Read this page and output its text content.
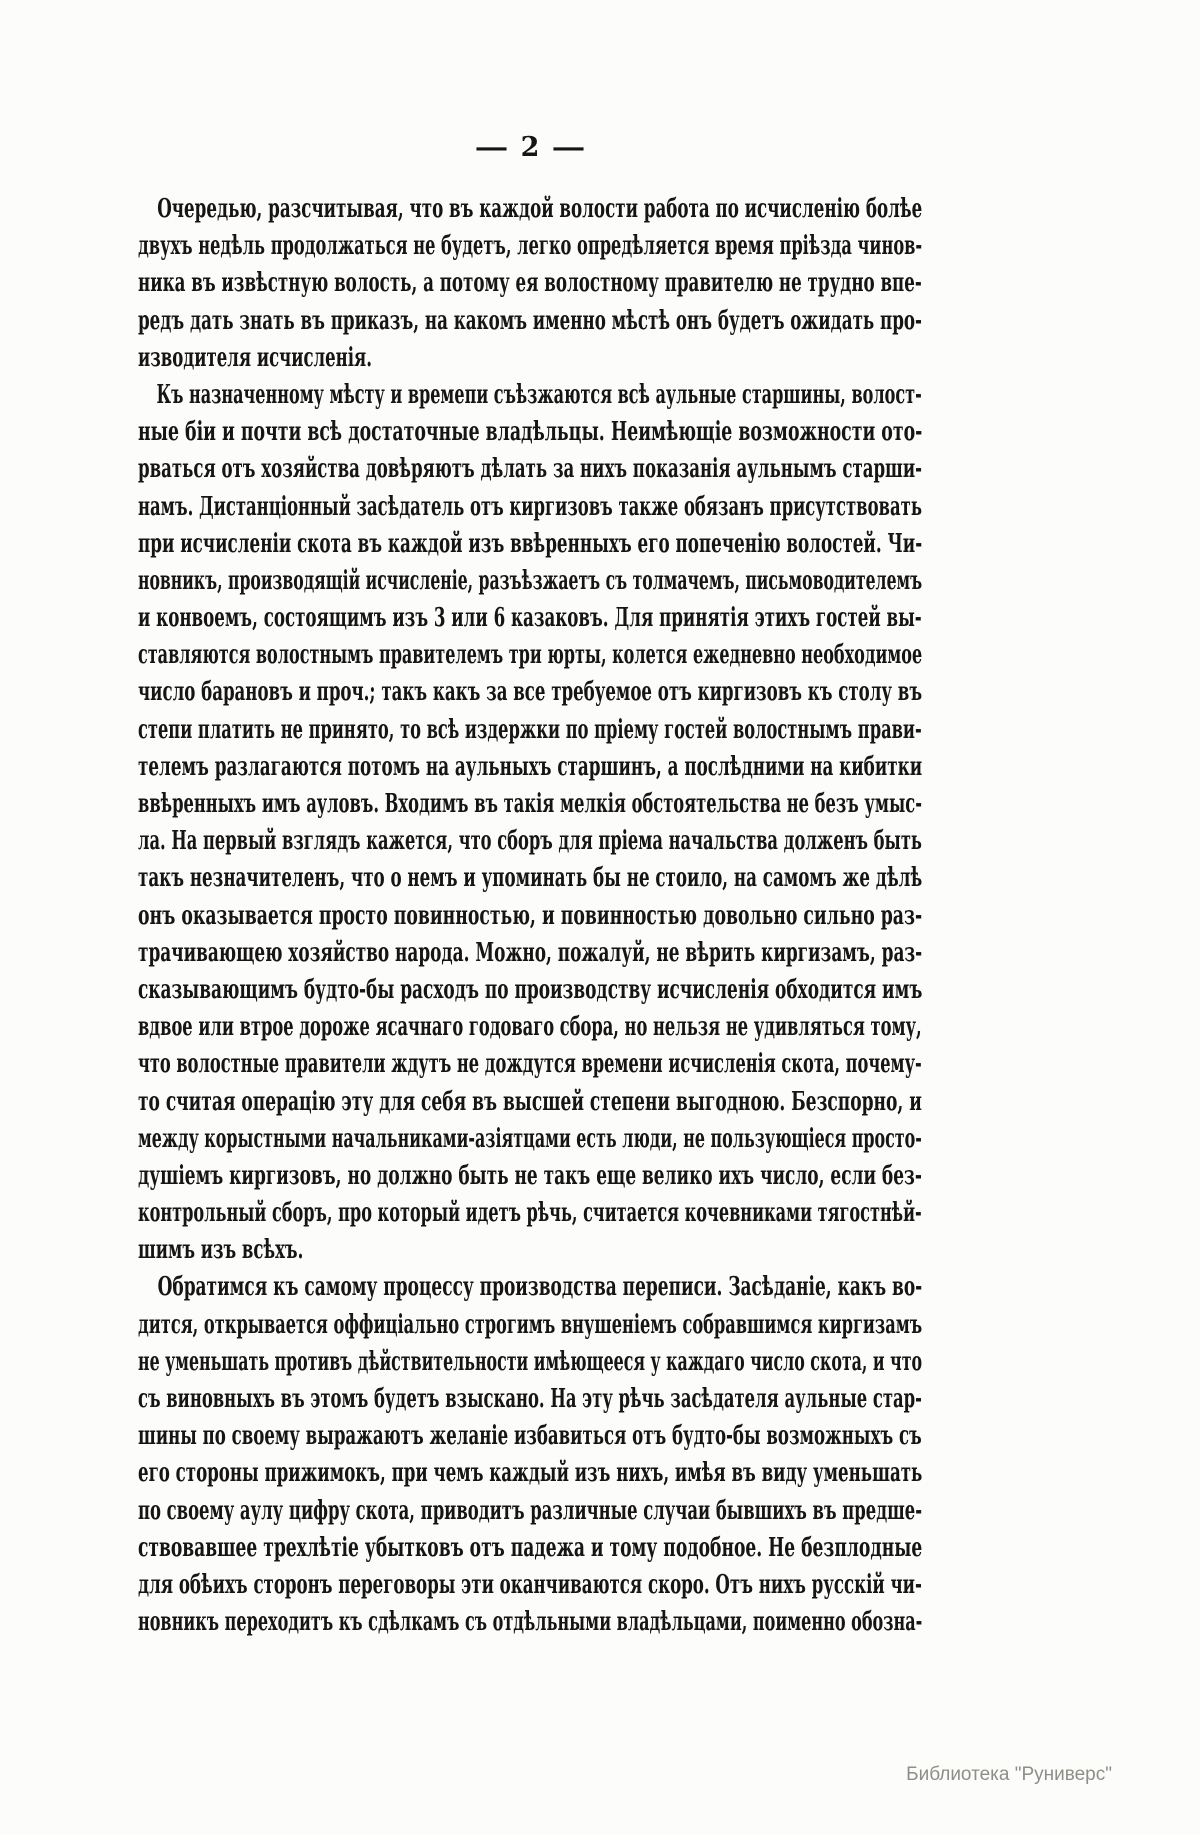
— 2 —
Очередью, разсчитывая, что въ каждой волости работа по исчисленію болѣе
двухъ недѣль продолжаться не будетъ, легко опредѣляется время пріѣзда чинов-
ника въ извѣстную волость, а потому ея волостному правителю не трудно впе-
редъ дать знать въ приказъ, на какомъ именно мѣстѣ онъ будетъ ожидать про-
изводителя исчисленія.
Къ назначенному мѣсту и времепи съѣзжаются всѣ аульные старшины, волост-
ные біи и почти всѣ достаточные владѣльцы. Неимѣющіе возможности ото-
рваться отъ хозяйства довѣряютъ дѣлать за нихъ показанія аульнымъ старши-
намъ. Дистанціонный засѣдатель отъ киргизовъ также обязанъ присутствовать
при исчисленіи скота въ каждой изъ ввѣренныхъ его попеченію волостей. Чи-
новникъ, производящій исчисленіе, разъѣзжаетъ съ толмачемъ, письмоводителемъ
и конвоемъ, состоящимъ изъ 3 или 6 казаковъ. Для принятія этихъ гостей вы-
ставляются волостнымъ правителемъ три юрты, колется ежедневно необходимое
число барановъ и проч.; такъ какъ за все требуемое отъ киргизовъ къ столу въ
степи платить не принято, то всѣ издержки по пріему гостей волостнымъ прави-
телемъ разлагаются потомъ на аульныхъ старшинъ, а послѣдними на кибитки
ввѣренныхъ имъ ауловъ. Входимъ въ такія мелкія обстоятельства не безъ умыс-
ла. На первый взглядъ кажется, что сборъ для пріема начальства долженъ быть
такъ незначителенъ, что о немъ и упоминать бы не стоило, на самомъ же дѣлѣ
онъ оказывается просто повинностью, и повинностью довольно сильно раз-
трачивающею хозяйство народа. Можно, пожалуй, не вѣрить киргизамъ, раз-
сказывающимъ будто-бы расходъ по производству исчисленія обходится имъ
вдвое или втрое дороже ясачнаго годоваго сбора, но нельзя не удивляться тому,
что волостные правители ждутъ не дождутся времени исчисленія скота, почему-
то считая операцію эту для себя въ высшей степени выгодною. Безспорно, и
между корыстными начальниками-азіятцами есть люди, не пользующіеся просто-
душіемъ киргизовъ, но должно быть не такъ еще велико ихъ число, если без-
контрольный сборъ, про который идетъ рѣчь, считается кочевниками тягостнѣй-
шимъ изъ всѣхъ.
Обратимся къ самому процессу производства переписи. Засѣданіе, какъ во-
дится, открывается оффиціально строгимъ внушеніемъ собравшимся киргизамъ
не уменьшать противъ дѣйствительности имѣющееся у каждаго число скота, и что
съ виновныхъ въ этомъ будетъ взыскано. На эту рѣчь засѣдателя аульные стар-
шины по своему выражаютъ желаніе избавиться отъ будто-бы возможныхъ съ
его стороны прижимокъ, при чемъ каждый изъ нихъ, имѣя въ виду уменьшать
по своему аулу цифру скота, приводитъ различные случаи бывшихъ въ предше-
ствовавшее трехлѣтіе убытковъ отъ падежа и тому подобное. Не безплодные
для обѣихъ сторонъ переговоры эти оканчиваются скоро. Отъ нихъ русскій чи-
новникъ переходитъ къ сдѣлкамъ съ отдѣльными владѣльцами, поименно обозна-
Библиотека "Руниверс"
